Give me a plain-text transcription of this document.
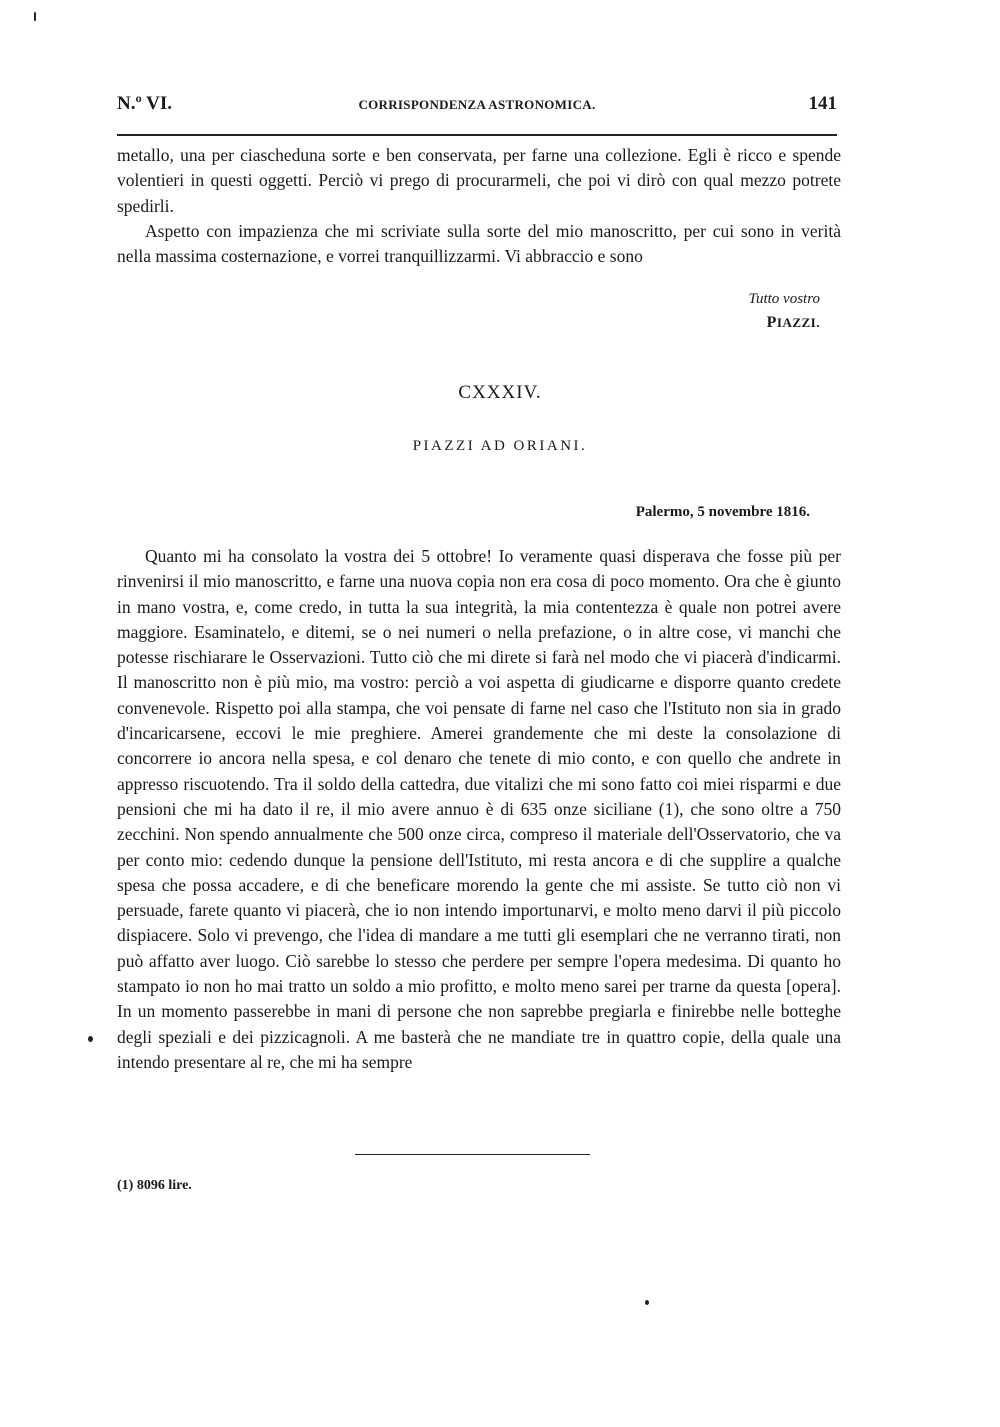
N.º VI.	CORRISPONDENZA ASTRONOMICA.	141

metallo, una per ciascheduna sorte e ben conservata, per farne una collezione. Egli è ricco e spende volentieri in questi oggetti. Perciò vi prego di procurarmeli, che poi vi dirò con qual mezzo potrete spedirli.

Aspetto con impazienza che mi scriviate sulla sorte del mio manoscritto, per cui sono in verità nella massima costernazione, e vorrei tranquillizzarmi. Vi abbraccio e sono

Tutto vostro
PIAZZI.
CXXXIV.
PIAZZI AD ORIANI.
Palermo, 5 novembre 1816.

Quanto mi ha consolato la vostra dei 5 ottobre! Io veramente quasi disperava che fosse più per rinvenirsi il mio manoscritto, e farne una nuova copia non era cosa di poco momento. Ora che è giunto in mano vostra, e, come credo, in tutta la sua integrità, la mia contentezza è quale non potrei avere maggiore. Esaminatelo, e ditemi, se o nei numeri o nella prefazione, o in altre cose, vi manchi che potesse rischiarare le Osservazioni. Tutto ciò che mi direte si farà nel modo che vi piacerà d'indicarmi. Il manoscritto non è più mio, ma vostro: perciò a voi aspetta di giudicarne e disporre quanto credete convenevole. Rispetto poi alla stampa, che voi pensate di farne nel caso che l'Istituto non sia in grado d'incaricarsene, eccovi le mie preghiere. Amerei grandemente che mi deste la consolazione di concorrere io ancora nella spesa, e col denaro che tenete di mio conto, e con quello che andrete in appresso riscuotendo. Tra il soldo della cattedra, due vitalizi che mi sono fatto coi miei risparmi e due pensioni che mi ha dato il re, il mio avere annuo è di 635 onze siciliane (1), che sono oltre a 750 zecchini. Non spendo annualmente che 500 onze circa, compreso il materiale dell'Osservatorio, che va per conto mio: cedendo dunque la pensione dell'Istituto, mi resta ancora e di che supplire a qualche spesa che possa accadere, e di che beneficare morendo la gente che mi assiste. Se tutto ciò non vi persuade, farete quanto vi piacerà, che io non intendo importunarvi, e molto meno darvi il più piccolo dispiacere. Solo vi prevengo, che l'idea di mandare a me tutti gli esemplari che ne verranno tirati, non può affatto aver luogo. Ciò sarebbe lo stesso che perdere per sempre l'opera medesima. Di quanto ho stampato io non ho mai tratto un soldo a mio profitto, e molto meno sarei per trarne da questa [opera]. In un momento passerebbe in mani di persone che non saprebbe pregiarla e finirebbe nelle botteghe degli speziali e dei pizzicagnoli. A me basterà che ne mandiate tre in quattro copie, della quale una intendo presentare al re, che mi ha sempre

(1) 8096 lire.
